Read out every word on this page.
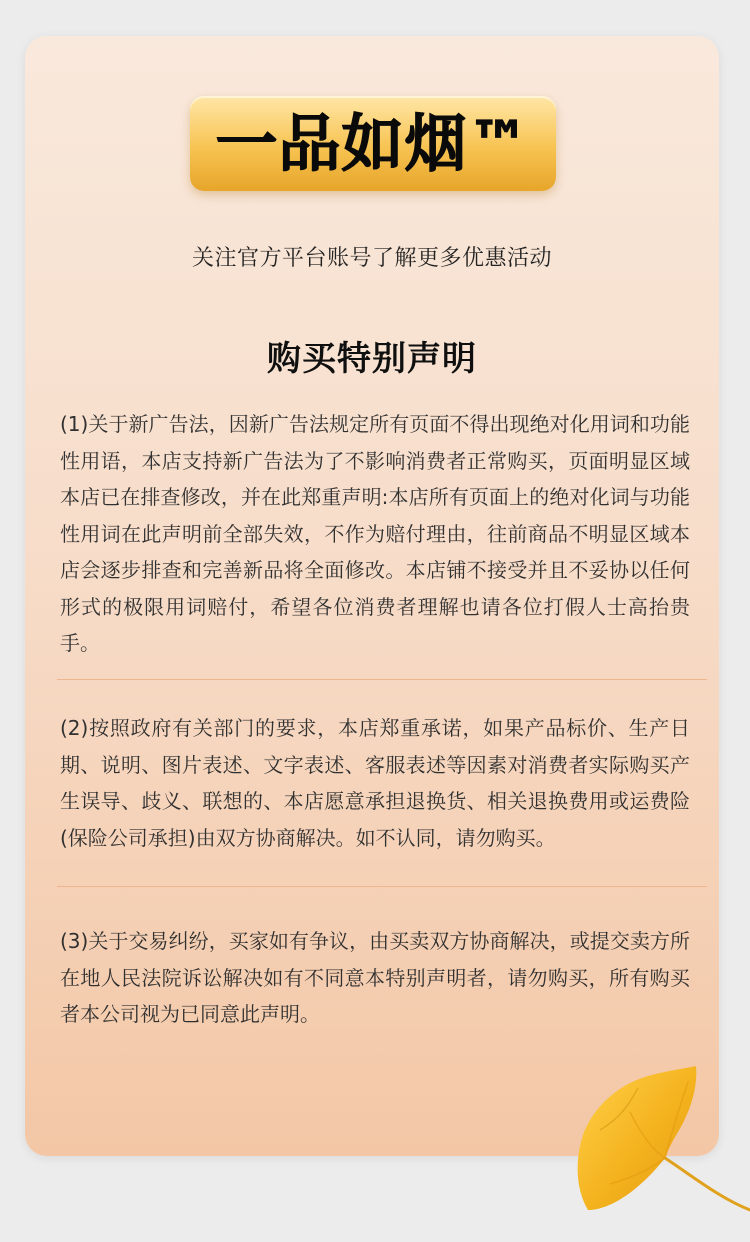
一品如烟™
关注官方平台账号了解更多优惠活动
购买特别声明

(1)关于新广告法，因新广告法规定所有页面不得出现绝对化用词和功能性用语，本店支持新广告法为了不影响消费者正常购买，页面明显区域本店已在排查修改，并在此郑重声明:本店所有页面上的绝对化词与功能性用词在此声明前全部失效，不作为赔付理由，往前商品不明显区域本店会逐步排查和完善新品将全面修改。本店铺不接受并且不妥协以任何形式的极限用词赔付，希望各位消费者理解也请各位打假人士高抬贵手。

(2)按照政府有关部门的要求，本店郑重承诺，如果产品标价、生产日期、说明、图片表述、文字表述、客服表述等因素对消费者实际购买产生误导、歧义、联想的、本店愿意承担退换货、相关退换费用或运费险(保险公司承担)由双方协商解决。如不认同，请勿购买。

(3)关于交易纠纷，买家如有争议，由买卖双方协商解决，或提交卖方所在地人民法院诉讼解决如有不同意本特别声明者，请勿购买，所有购买者本公司视为已同意此声明。
